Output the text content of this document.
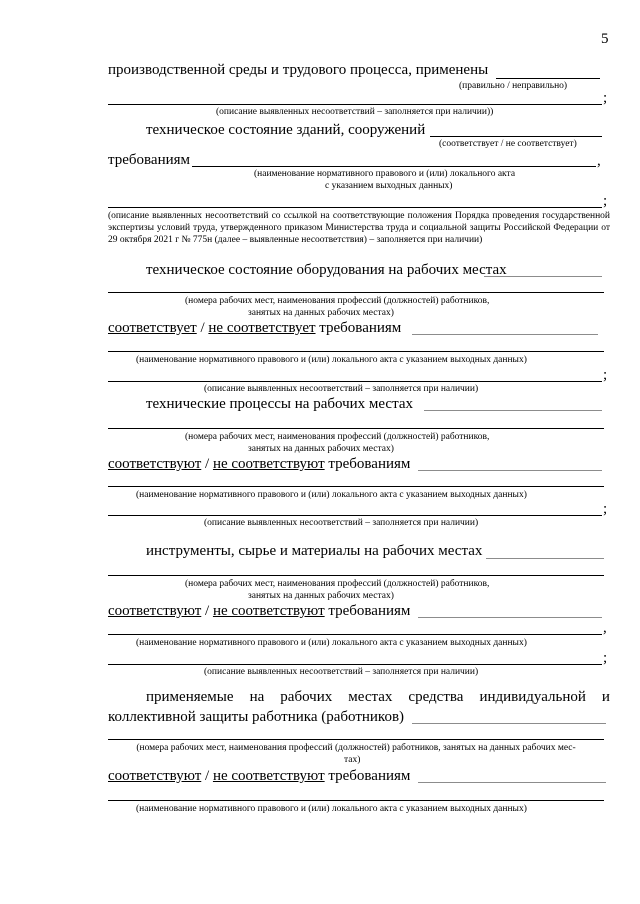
5
производственной среды и трудового процесса, применены
(правильно / неправильно)
;
(описание выявленных несоответствий – заполняется при наличии))
техническое состояние зданий, сооружений
(соответствует / не соответствует)
требованиям	,
(наименование нормативного правового и (или) локального акта
с указанием выходных данных)
;
(описание выявленных несоответствий со ссылкой на соответствующие положения Порядка проведения государственной экспертизы условий труда, утвержденного приказом Министерства труда и социальной защиты Российской Федерации от 29 октября 2021 г № 775н (далее – выявленные несоответствия) – заполняется при наличии)
техническое состояние оборудования на рабочих местах
(номера рабочих мест, наименования профессий (должностей) работников,
занятых на данных рабочих местах)
соответствует / не соответствует требованиям
(наименование нормативного правового и (или) локального акта с указанием выходных данных)
;
(описание выявленных несоответствий – заполняется при наличии)
технические процессы на рабочих местах
(номера рабочих мест, наименования профессий (должностей) работников,
занятых на данных рабочих местах)
соответствуют / не соответствуют требованиям
(наименование нормативного правового и (или) локального акта с указанием выходных данных)
;
(описание выявленных несоответствий – заполняется при наличии)
инструменты, сырье и материалы на рабочих местах
(номера рабочих мест, наименования профессий (должностей) работников,
занятых на данных рабочих местах)
соответствуют / не соответствуют требованиям
,
(наименование нормативного правового и (или) локального акта с указанием выходных данных)
;
(описание выявленных несоответствий – заполняется при наличии)
применяемые на рабочих местах средства индивидуальной и
коллективной защиты работника (работников)
(номера рабочих мест, наименования профессий (должностей) работников, занятых на данных рабочих мес-
тах)
соответствуют / не соответствуют требованиям
(наименование нормативного правового и (или) локального акта с указанием выходных данных)
